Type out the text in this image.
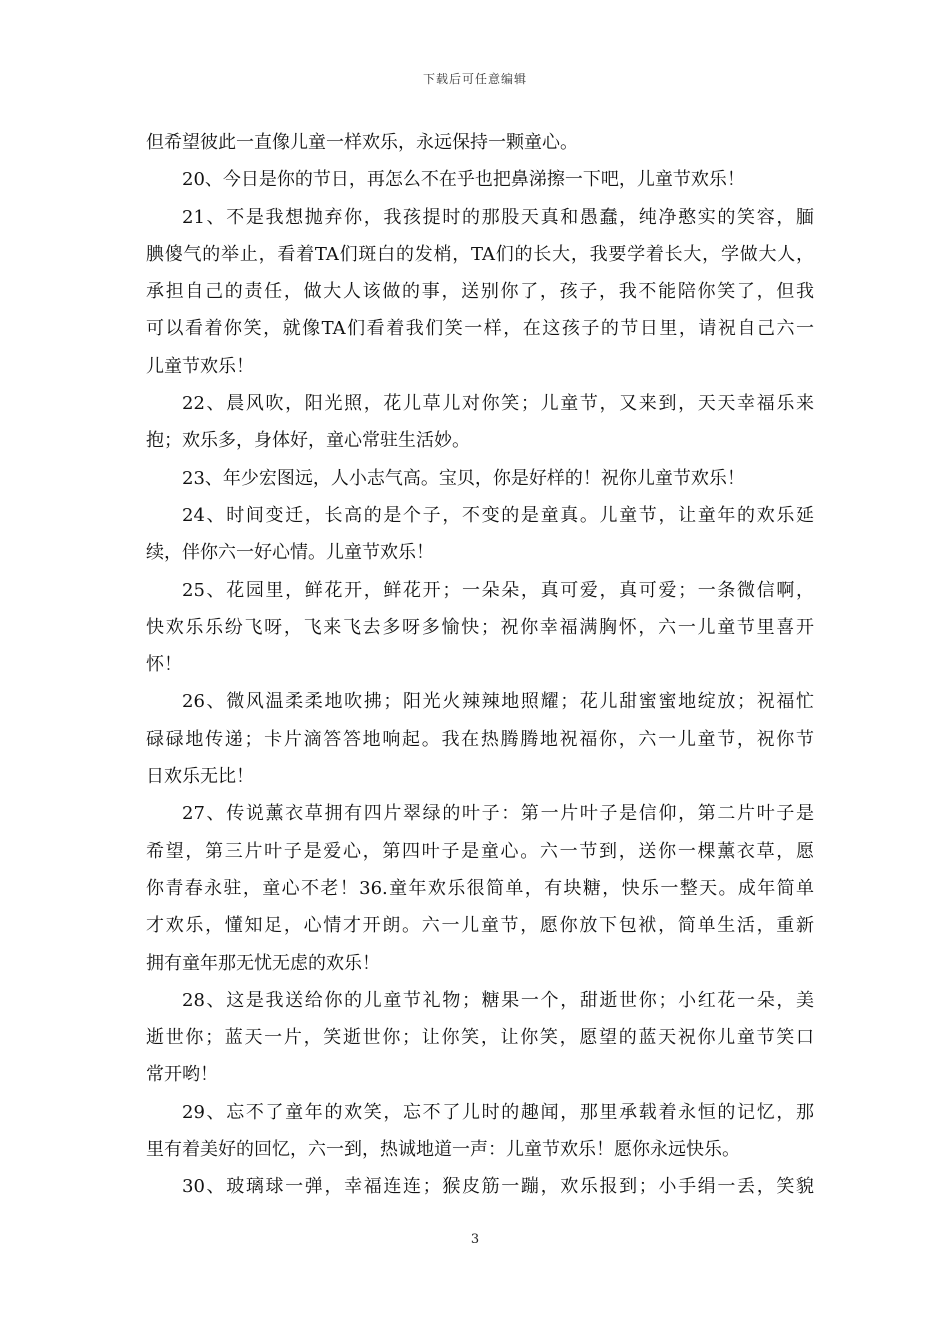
下载后可任意编辑
但希望彼此一直像儿童一样欢乐，永远保持一颗童心。
20、今日是你的节日，再怎么不在乎也把鼻涕擦一下吧，儿童节欢乐！
21、不是我想抛弃你，我孩提时的那股天真和愚蠢，纯净憨实的笑容，腼
腆傻气的举止，看着TA们斑白的发梢，TA们的长大，我要学着长大，学做大人，
承担自己的责任，做大人该做的事，送别你了，孩子，我不能陪你笑了，但我
可以看着你笑，就像TA们看着我们笑一样，在这孩子的节日里，请祝自己六一
儿童节欢乐！
22、晨风吹，阳光照，花儿草儿对你笑；儿童节，又来到，天天幸福乐来
抱；欢乐多，身体好，童心常驻生活妙。
23、年少宏图远，人小志气高。宝贝，你是好样的！祝你儿童节欢乐！
24、时间变迁，长高的是个子，不变的是童真。儿童节，让童年的欢乐延
续，伴你六一好心情。儿童节欢乐！
25、花园里，鲜花开，鲜花开；一朵朵，真可爱，真可爱；一条微信啊，
快欢乐乐纷飞呀，飞来飞去多呀多愉快；祝你幸福满胸怀，六一儿童节里喜开
怀！
26、微风温柔柔地吹拂；阳光火辣辣地照耀；花儿甜蜜蜜地绽放；祝福忙
碌碌地传递；卡片滴答答地响起。我在热腾腾地祝福你，六一儿童节，祝你节
日欢乐无比！
27、传说薰衣草拥有四片翠绿的叶子：第一片叶子是信仰，第二片叶子是
希望，第三片叶子是爱心，第四叶子是童心。六一节到，送你一棵薰衣草，愿
你青春永驻，童心不老！36.童年欢乐很简单，有块糖，快乐一整天。成年简单
才欢乐，懂知足，心情才开朗。六一儿童节，愿你放下包袱，简单生活，重新
拥有童年那无忧无虑的欢乐！
28、这是我送给你的儿童节礼物；糖果一个，甜逝世你；小红花一朵，美
逝世你；蓝天一片，笑逝世你；让你笑，让你笑，愿望的蓝天祝你儿童节笑口
常开哟！
29、忘不了童年的欢笑，忘不了儿时的趣闻，那里承载着永恒的记忆，那
里有着美好的回忆，六一到，热诚地道一声：儿童节欢乐！愿你永远快乐。
30、玻璃球一弹，幸福连连；猴皮筋一蹦，欢乐报到；小手绢一丢，笑貌
3
